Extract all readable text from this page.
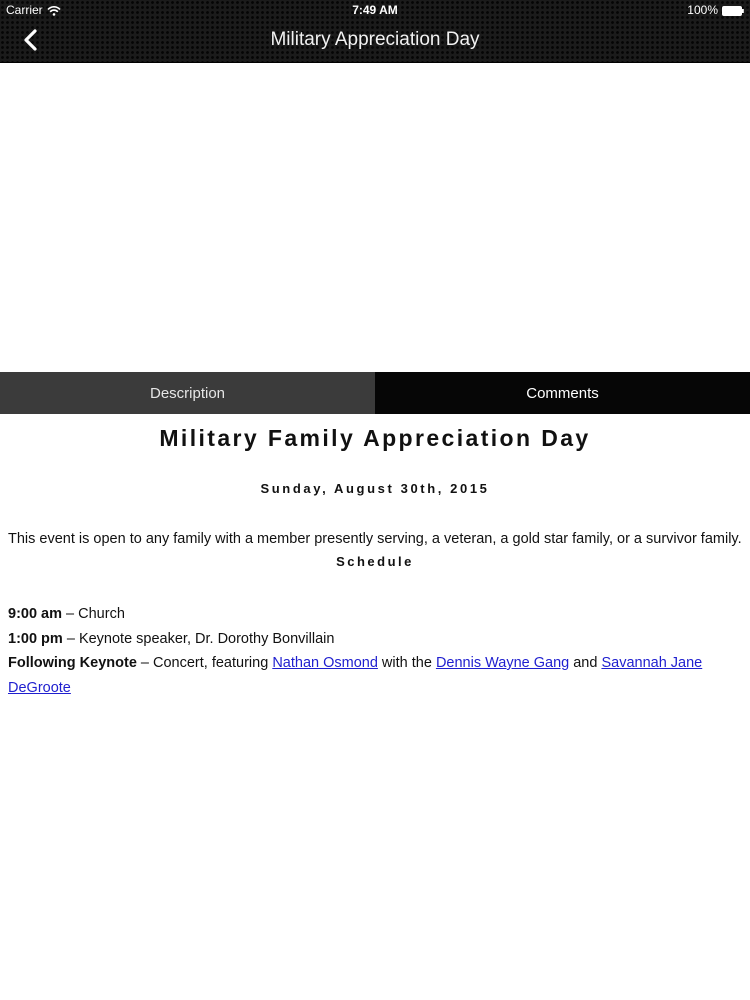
Carrier	7:49 AM	100%
Military Appreciation Day
Description	Comments
Military Family Appreciation Day

Sunday, August 30th, 2015

This event is open to any family with a member presently serving, a veteran, a gold star family, or a survivor family.

Schedule

9:00 am – Church

1:00 pm – Keynote speaker, Dr. Dorothy Bonvillain

Following Keynote – Concert, featuring Nathan Osmond with the Dennis Wayne Gang and Savannah Jane DeGroote
